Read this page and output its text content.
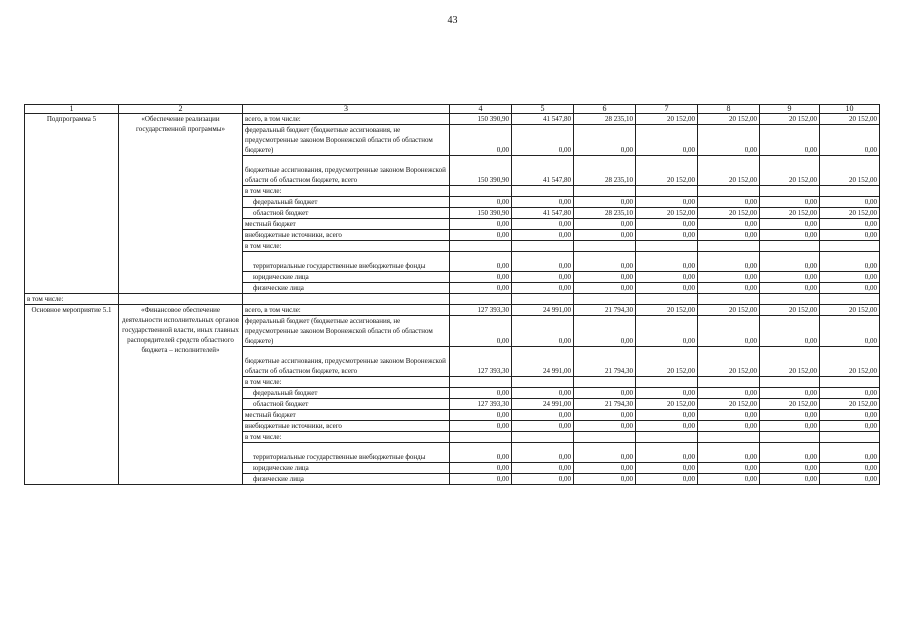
43
1	2	3	4	5	6	7	8	9	10
Подпрограмма 5	«Обеспечение реализации государственной программы»	всего, в том числе:	150 390,90	41 547,80	28 235,10	20 152,00	20 152,00	20 152,00	20 152,00
		федеральный бюджет (бюджетные ассигнования, не предусмотренные законом Воронежской области об областном бюджете)	0,00	0,00	0,00	0,00	0,00	0,00	0,00
		бюджетные ассигнования, предусмотренные законом Воронежской области об областном бюджете, всего	150 390,90	41 547,80	28 235,10	20 152,00	20 152,00	20 152,00	20 152,00
		в том числе:							
		федеральный бюджет	0,00	0,00	0,00	0,00	0,00	0,00	0,00
		областной бюджет	150 390,90	41 547,80	28 235,10	20 152,00	20 152,00	20 152,00	20 152,00
		местный бюджет	0,00	0,00	0,00	0,00	0,00	0,00	0,00
		внебюджетные источники, всего	0,00	0,00	0,00	0,00	0,00	0,00	0,00
		в том числе:							
		территориальные государственные внебюджетные фонды	0,00	0,00	0,00	0,00	0,00	0,00	0,00
		юридические лица	0,00	0,00	0,00	0,00	0,00	0,00	0,00
		физические лица	0,00	0,00	0,00	0,00	0,00	0,00	0,00
в том числе:									
Основное мероприятие 5.1	«Финансовое обеспечение деятельности исполнительных органов государственной власти, иных главных распорядителей средств областного бюджета – исполнителей»	всего, в том числе:	127 393,30	24 991,00	21 794,30	20 152,00	20 152,00	20 152,00	20 152,00
		федеральный бюджет (бюджетные ассигнования, не предусмотренные законом Воронежской области об областном бюджете)	0,00	0,00	0,00	0,00	0,00	0,00	0,00
		бюджетные ассигнования, предусмотренные законом Воронежской области об областном бюджете, всего	127 393,30	24 991,00	21 794,30	20 152,00	20 152,00	20 152,00	20 152,00
		в том числе:							
		федеральный бюджет	0,00	0,00	0,00	0,00	0,00	0,00	0,00
		областной бюджет	127 393,30	24 991,00	21 794,30	20 152,00	20 152,00	20 152,00	20 152,00
		местный бюджет	0,00	0,00	0,00	0,00	0,00	0,00	0,00
		внебюджетные источники, всего	0,00	0,00	0,00	0,00	0,00	0,00	0,00
		в том числе:							
		территориальные государственные внебюджетные фонды	0,00	0,00	0,00	0,00	0,00	0,00	0,00
		юридические лица	0,00	0,00	0,00	0,00	0,00	0,00	0,00
		физические лица	0,00	0,00	0,00	0,00	0,00	0,00	0,00
